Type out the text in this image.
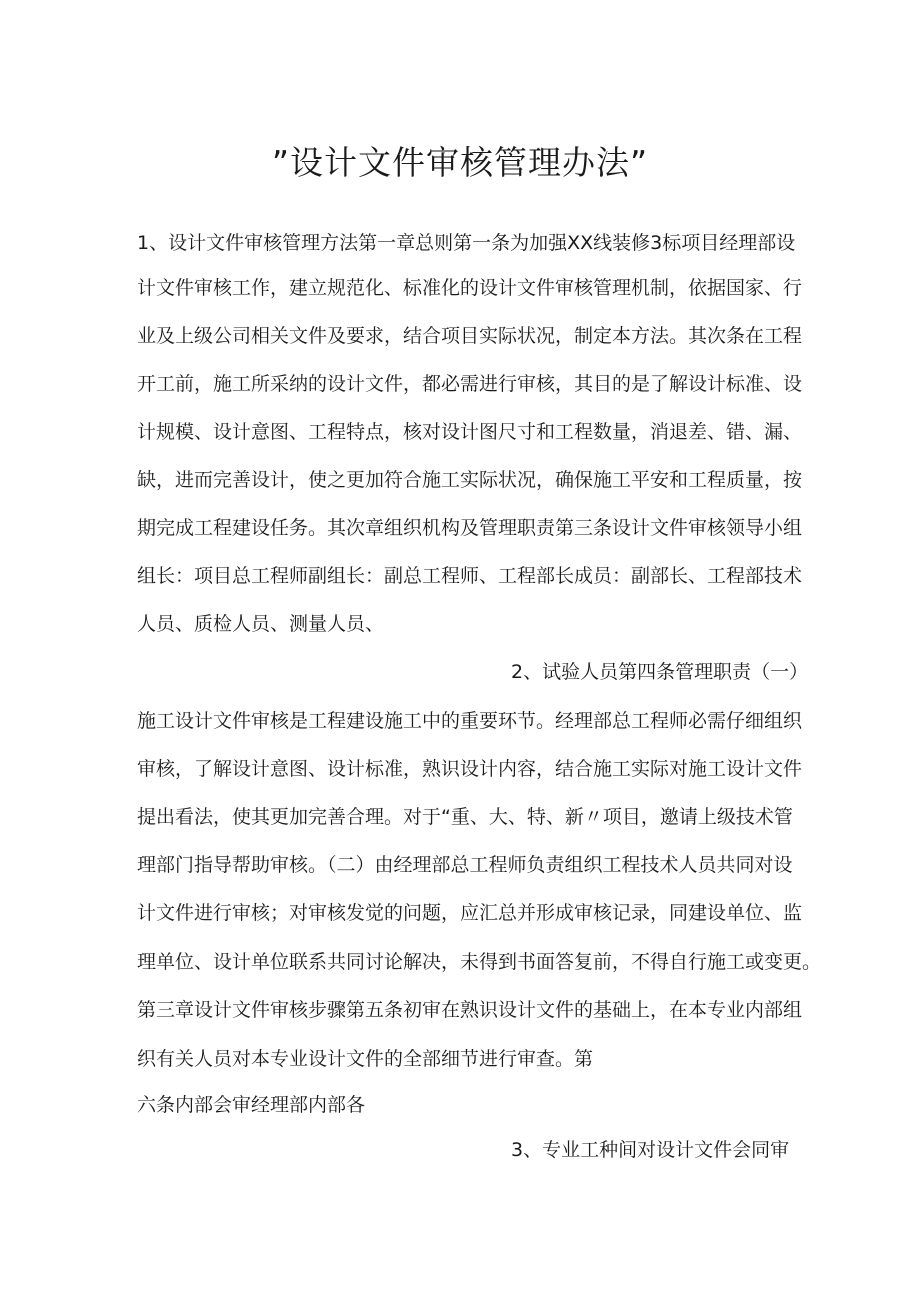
”设计文件审核管理办法”
1、设计文件审核管理方法第一章总则第一条为加强XX线装修3标项目经理部设
计文件审核工作，建立规范化、标准化的设计文件审核管理机制，依据国家、行
业及上级公司相关文件及要求，结合项目实际状况，制定本方法。其次条在工程
开工前，施工所采纳的设计文件，都必需进行审核，其目的是了解设计标准、设
计规模、设计意图、工程特点，核对设计图尺寸和工程数量，消退差、错、漏、
缺，进而完善设计，使之更加符合施工实际状况，确保施工平安和工程质量，按
期完成工程建设任务。其次章组织机构及管理职责第三条设计文件审核领导小组
组长：项目总工程师副组长：副总工程师、工程部长成员：副部长、工程部技术
人员、质检人员、测量人员、
2、试验人员第四条管理职责（一）
施工设计文件审核是工程建设施工中的重要环节。经理部总工程师必需仔细组织
审核，了解设计意图、设计标准，熟识设计内容，结合施工实际对施工设计文件
提出看法，使其更加完善合理。对于“重、大、特、新〃项目，邀请上级技术管
理部门指导帮助审核。（二）由经理部总工程师负责组织工程技术人员共同对设
计文件进行审核；对审核发觉的问题，应汇总并形成审核记录，同建设单位、监
理单位、设计单位联系共同讨论解决，未得到书面答复前，不得自行施工或变更。
第三章设计文件审核步骤第五条初审在熟识设计文件的基础上，在本专业内部组
织有关人员对本专业设计文件的全部细节进行审查。第
六条内部会审经理部内部各
3、专业工种间对设计文件会同审
